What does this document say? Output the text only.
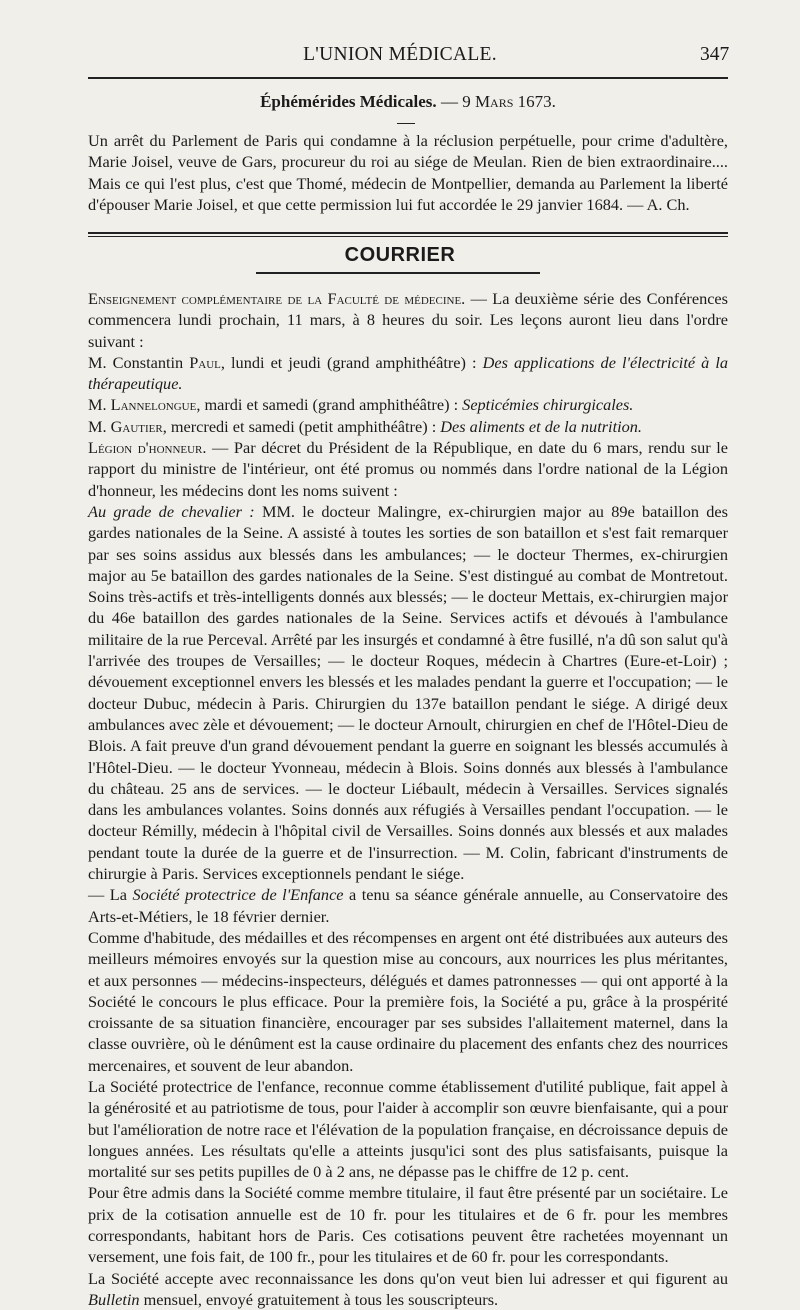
L'UNION MÉDICALE.	347
Éphémérides Médicales. — 9 Mars 1673.

Un arrêt du Parlement de Paris qui condamne à la réclusion perpétuelle, pour crime d'adultère, Marie Joisel, veuve de Gars, procureur du roi au siége de Meulan. Rien de bien extraordinaire.... Mais ce qui l'est plus, c'est que Thomé, médecin de Montpellier, demanda au Parlement la liberté d'épouser Marie Joisel, et que cette permission lui fut accordée le 29 janvier 1684. — A. Ch.

COURRIER

Enseignement complémentaire de la Faculté de médecine. — La deuxième série des Conférences commencera lundi prochain, 11 mars, à 8 heures du soir. Les leçons auront lieu dans l'ordre suivant :

M. Constantin Paul, lundi et jeudi (grand amphithéâtre) : Des applications de l'électricité à la thérapeutique.

M. Lannelongue, mardi et samedi (grand amphithéâtre) : Septicémies chirurgicales.

M. Gautier, mercredi et samedi (petit amphithéâtre) : Des aliments et de la nutrition.

Légion d'honneur. — Par décret du Président de la République, en date du 6 mars, rendu sur le rapport du ministre de l'intérieur, ont été promus ou nommés dans l'ordre national de la Légion d'honneur, les médecins dont les noms suivent :

Au grade de chevalier : MM. le docteur Malingre, ex-chirurgien major au 89e bataillon des gardes nationales de la Seine. A assisté à toutes les sorties de son bataillon et s'est fait remarquer par ses soins assidus aux blessés dans les ambulances; — le docteur Thermes, ex-chirurgien major au 5e bataillon des gardes nationales de la Seine. S'est distingué au combat de Montretout. Soins très-actifs et très-intelligents donnés aux blessés; — le docteur Mettais, ex-chirurgien major du 46e bataillon des gardes nationales de la Seine. Services actifs et dévoués à l'ambulance militaire de la rue Perceval. Arrêté par les insurgés et condamné à être fusillé, n'a dû son salut qu'à l'arrivée des troupes de Versailles; — le docteur Roques, médecin à Chartres (Eure-et-Loir) ; dévouement exceptionnel envers les blessés et les malades pendant la guerre et l'occupation; — le docteur Dubuc, médecin à Paris. Chirurgien du 137e bataillon pendant le siége. A dirigé deux ambulances avec zèle et dévouement; — le docteur Arnoult, chirurgien en chef de l'Hôtel-Dieu de Blois. A fait preuve d'un grand dévouement pendant la guerre en soignant les blessés accumulés à l'Hôtel-Dieu. — le docteur Yvonneau, médecin à Blois. Soins donnés aux blessés à l'ambulance du château. 25 ans de services. — le docteur Liébault, médecin à Versailles. Services signalés dans les ambulances volantes. Soins donnés aux réfugiés à Versailles pendant l'occupation. — le docteur Rémilly, médecin à l'hôpital civil de Versailles. Soins donnés aux blessés et aux malades pendant toute la durée de la guerre et de l'insurrection. — M. Colin, fabricant d'instruments de chirurgie à Paris. Services exceptionnels pendant le siége.

— La Société protectrice de l'Enfance a tenu sa séance générale annuelle, au Conservatoire des Arts-et-Métiers, le 18 février dernier.

Comme d'habitude, des médailles et des récompenses en argent ont été distribuées aux auteurs des meilleurs mémoires envoyés sur la question mise au concours, aux nourrices les plus méritantes, et aux personnes — médecins-inspecteurs, délégués et dames patronnesses — qui ont apporté à la Société le concours le plus efficace. Pour la première fois, la Société a pu, grâce à la prospérité croissante de sa situation financière, encourager par ses subsides l'allaitement maternel, dans la classe ouvrière, où le dénûment est la cause ordinaire du placement des enfants chez des nourrices mercenaires, et souvent de leur abandon.

La Société protectrice de l'enfance, reconnue comme établissement d'utilité publique, fait appel à la générosité et au patriotisme de tous, pour l'aider à accomplir son œuvre bienfaisante, qui a pour but l'amélioration de notre race et l'élévation de la population française, en décroissance depuis de longues années. Les résultats qu'elle a atteints jusqu'ici sont des plus satisfaisants, puisque la mortalité sur ses petits pupilles de 0 à 2 ans, ne dépasse pas le chiffre de 12 p. cent.

Pour être admis dans la Société comme membre titulaire, il faut être présenté par un sociétaire. Le prix de la cotisation annuelle est de 10 fr. pour les titulaires et de 6 fr. pour les membres correspondants, habitant hors de Paris. Ces cotisations peuvent être rachetées moyennant un versement, une fois fait, de 100 fr., pour les titulaires et de 60 fr. pour les correspondants.

La Société accepte avec reconnaissance les dons qu'on veut bien lui adresser et qui figurent au Bulletin mensuel, envoyé gratuitement à tous les souscripteurs.
